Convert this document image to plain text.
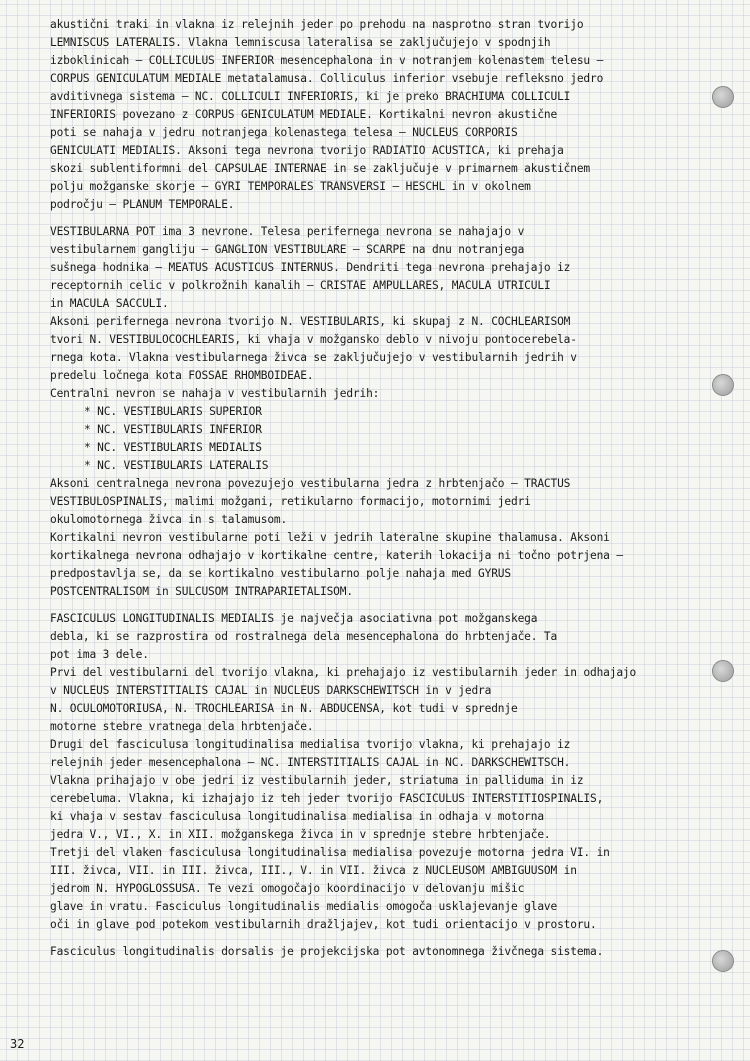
akustični traki in vlakna iz relejnih jeder po prehodu na nasprotno stran tvorijo
LEMNISCUS LATERALIS. Vlakna lemniscusa lateralisa se zaključujejo v spodnjih
izboklinicah – COLLICULUS INFERIOR mesencephalona in v notranjem kolenastem telesu –
CORPUS GENICULATUM MEDIALE metatalamusa. Colliculus inferior vsebuje refleksno jedro
avditivnega sistema – NC. COLLICULI INFERIORIS, ki je preko BRACHIUMA COLLICULI
INFERIORIS povezano z CORPUS GENICULATUM MEDIALE. Kortikalni nevron akustične
poti se nahaja v jedru notranjega kolenastega telesa – NUCLEUS CORPORIS
GENICULATI MEDIALIS. Aksoni tega nevrona tvorijo RADIATIO ACUSTICA, ki prehaja
skozi sublentiformni del CAPSULAE INTERNAE in se zaključuje v primarnem akustičnem
polju možganske skorje – GYRI TEMPORALES TRANSVERSI – HESCHL in v okolnem
področju – PLANUM TEMPORALE.
VESTIBULARNA POT ima 3 nevrone. Telesa perifernega nevrona se nahajajo v
vestibularnem gangliju – GANGLION VESTIBULARE – SCARPE na dnu notranjega
sušnega hodnika – MEATUS ACUSTICUS INTERNUS. Dendriti tega nevrona prehajajo iz
receptornih celic v polkrožnih kanalih – CRISTAE AMPULLARES, MACULA UTRICULI
in MACULA SACCULI.
Aksoni perifernega nevrona tvorijo N. VESTIBULARIS, ki skupaj z N. COCHLEARISOM
tvori N. VESTIBULOCOCHLEARIS, ki vhaja v možgansko deblo v nivoju pontocerebela-
rnega kota. Vlakna vestibularnega živca se zaključujejo v vestibularnih jedrih v
predelu ločnega kota FOSSAE RHOMBOIDEAE.
Centralni nevron se nahaja v vestibularnih jedrih:
* NC. VESTIBULARIS SUPERIOR
* NC. VESTIBULARIS INFERIOR
* NC. VESTIBULARIS MEDIALIS
* NC. VESTIBULARIS LATERALIS
Aksoni centralnega nevrona povezujejo vestibularna jedra z hrbtenjačo – TRACTUS
VESTIBULOSPINALIS, malimi možgani, retikularno formacijo, motornimi jedri
okulomotornega živca in s talamusom.
Kortikalni nevron vestibularne poti leži v jedrih lateralne skupine thalamusa. Aksoni
kortikalnega nevrona odhajajo v kortikalne centre, katerih lokacija ni točno potrjena –
predpostavlja se, da se kortikalno vestibularno polje nahaja med GYRUS
POSTCENTRALISOM in SULCUSOM INTRAPARIETALISOM.
FASCICULUS LONGITUDINALIS MEDIALIS je največja asociativna pot možganskega
debla, ki se razprostira od rostralnega dela mesencephalona do hrbtenjače. Ta
pot ima 3 dele.
Prvi del vestibularni del tvorijo vlakna, ki prehajajo iz vestibularnih jeder in odhajajo
v NUCLEUS INTERSTITIALIS CAJAL in NUCLEUS DARKSCHEWITSCH in v jedra
N. OCULOMOTORIUSA, N. TROCHLEARISA in N. ABDUCENSA, kot tudi v sprednje
motorne stebre vratnega dela hrbtenjače.
Drugi del fasciculusa longitudinalisa medialisa tvorijo vlakna, ki prehajajo iz
relejnih jeder mesencephalona – NC. INTERSTITIALIS CAJAL in NC. DARKSCHEWITSCH.
Vlakna prihajajo v obe jedri iz vestibularnih jeder, striatuma in palliduma in iz
cerebeluma. Vlakna, ki izhajajo iz teh jeder tvorijo FASCICULUS INTERSTITIOSPINALIS,
ki vhaja v sestav fasciculusa longitudinalisa medialisa in odhaja v motorna
jedra V., VI., X. in XII. možganskega živca in v sprednje stebre hrbtenjače.
Tretji del vlaken fasciculusa longitudinalisa medialisa povezuje motorna jedra VI. in
III. živca, VII. in III. živca, III., V. in VII. živca z NUCLEUSOM AMBIGUUSOM in
jedrom N. HYPOGLOSSUSA. Te vezi omogočajo koordinacijo v delovanju mišic
glave in vratu. Fasciculus longitudinalis medialis omogoča usklajevanje glave
oči in glave pod potekom vestibularnih dražljajev, kot tudi orientacijo v prostoru.
Fasciculus longitudinalis dorsalis je projekcijska pot avtonomnega živčnega sistema.
32
